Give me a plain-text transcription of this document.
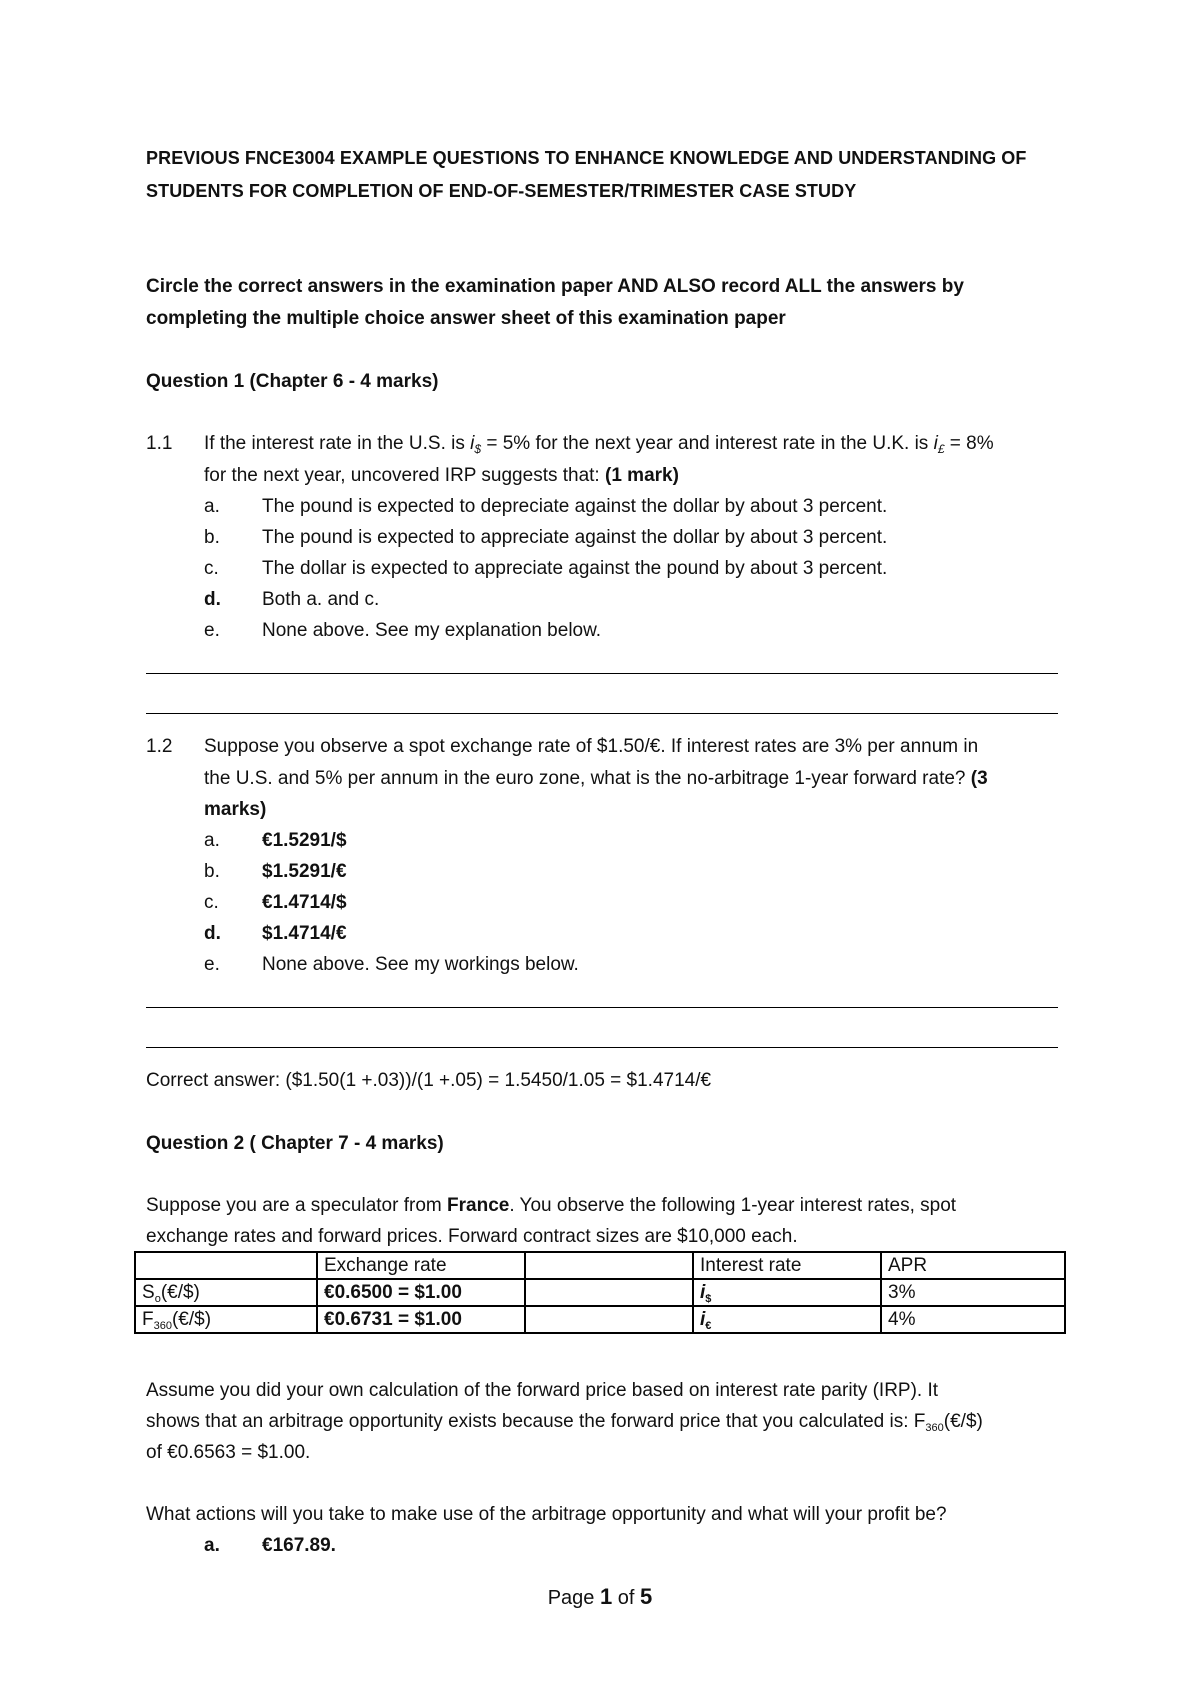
PREVIOUS FNCE3004 EXAMPLE QUESTIONS TO ENHANCE KNOWLEDGE AND UNDERSTANDING OF
STUDENTS FOR COMPLETION OF END-OF-SEMESTER/TRIMESTER CASE STUDY
Circle the correct answers in the examination paper AND ALSO record ALL the answers by
completing the multiple choice answer sheet of this examination paper
Question 1 (Chapter 6 - 4 marks)
1.1 If the interest rate in the U.S. is $i_{\$} = 5\%$ for the next year and interest rate in the U.K. is $i_£ = 8\%$
for the next year, uncovered IRP suggests that: (1 mark)
a. The pound is expected to depreciate against the dollar by about 3 percent.
b. The pound is expected to appreciate against the dollar by about 3 percent.
c. The dollar is expected to appreciate against the pound by about 3 percent.
d. Both a. and c.
e. None above. See my explanation below.
1.2 Suppose you observe a spot exchange rate of $1.50/€. If interest rates are 3% per annum in
the U.S. and 5% per annum in the euro zone, what is the no-arbitrage 1-year forward rate? (3
marks)
a. €1.5291/$
b. $1.5291/€
c. €1.4714/$
d. $1.4714/€
e. None above. See my workings below.
Correct answer: ($1.50(1 +.03))/(1 +.05) = 1.5450/1.05 = $1.4714/€
Question 2 ( Chapter 7 - 4 marks)
Suppose you are a speculator from France. You observe the following 1-year interest rates, spot
exchange rates and forward prices. Forward contract sizes are $10,000 each.
	Exchange rate		Interest rate	APR
$S_o(€/\$)$	€0.6500 = $1.00		$i_{\$}$	3%
$F_{360}(€/\$)$	€0.6731 = $1.00		$i_€$	4%
Assume you did your own calculation of the forward price based on interest rate parity (IRP). It
shows that an arbitrage opportunity exists because the forward price that you calculated is: $F_{360}(€/\$)$
of €0.6563 = $1.00.
What actions will you take to make use of the arbitrage opportunity and what will your profit be?
a. €167.89.
Page 1 of 5
